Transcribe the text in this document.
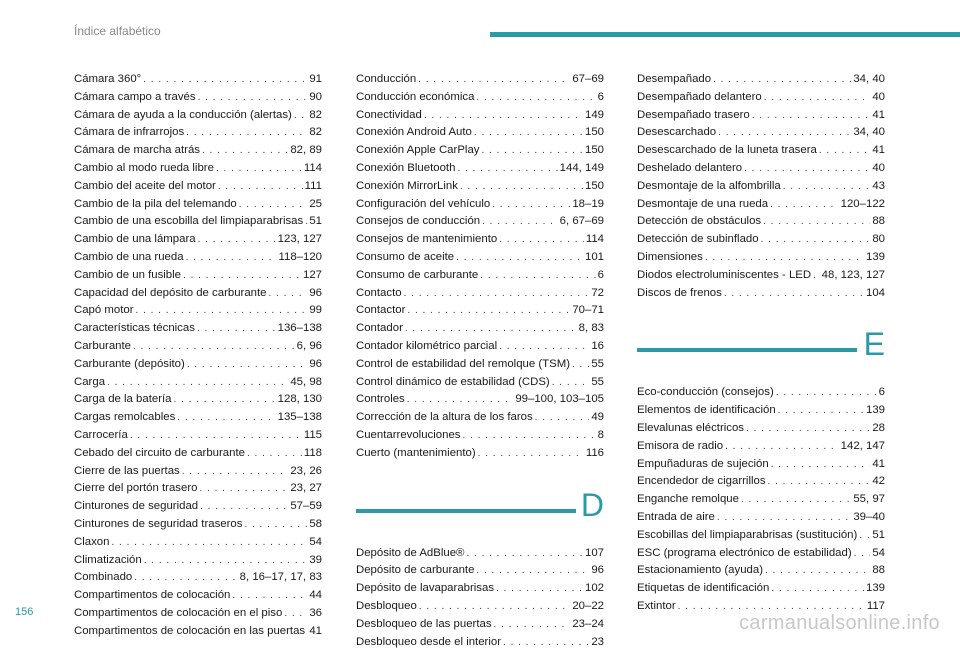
Índice alfabético
Cámara 360° . . .	91
Cámara campo a través . . .	90
Cámara de ayuda a la conducción (alertas) . . . 82
Cámara de infrarrojos . . .	82
Cámara de marcha atrás . . .	82, 89
Cambio al modo rueda libre . . .	114
Cambio del aceite del motor . . .	111
Cambio de la pila del telemando . . .	25
Cambio de una escobilla del limpiaparabrisas . . . 51
Cambio de una lámpara . . .	123, 127
Cambio de una rueda . . .	118–120
Cambio de un fusible . . .	127
Capacidad del depósito de carburante . . .	96
Capó motor . . .	99
Características técnicas . . .	136–138
Carburante . . .	6, 96
Carburante (depósito) . . .	96
Carga . . .	45, 98
Carga de la batería . . .	128, 130
Cargas remolcables . . .	135–138
Carrocería . . .	115
Cebado del circuito de carburante . . .	118
Cierre de las puertas . . .	23, 26
Cierre del portón trasero . . .	23, 27
Cinturones de seguridad . . .	57–59
Cinturones de seguridad traseros . . .	58
Claxon . . .	54
Climatización . . .	39
Combinado . . .	8, 16–17, 17, 83
Compartimentos de colocación . . .	44
Compartimentos de colocación en el piso . . . 36
Compartimentos de colocación en las puertas . . . 41
Conducción . . .	67–69
Conducción económica . . .	6
Conectividad . . .	149
Conexión Android Auto . . .	150
Conexión Apple CarPlay . . .	150
Conexión Bluetooth . . .	144, 149
Conexión MirrorLink . . .	150
Configuración del vehículo . . .	18–19
Consejos de conducción . . .	6, 67–69
Consejos de mantenimiento . . .	114
Consumo de aceite . . .	101
Consumo de carburante . . .	6
Contacto . . .	72
Contactor . . .	70–71
Contador . . .	8, 83
Contador kilométrico parcial . . .	16
Control de estabilidad del remolque (TSM) . . . 55
Control dinámico de estabilidad (CDS) . . .	55
Controles . . .	99–100, 103–105
Corrección de la altura de los faros . . .	49
Cuentarrevoluciones . . .	8
Cuerto (mantenimiento) . . .	116
D
Depósito de AdBlue® . . .	107
Depósito de carburante . . .	96
Depósito de lavaparabrisas . . .	102
Desbloqueo . . .	20–22
Desbloqueo de las puertas . . .	23–24
Desbloqueo desde el interior . . .	23
Desempañado . . .	34, 40
Desempañado delantero . . .	40
Desempañado trasero . . .	41
Desescarchado . . .	34, 40
Desescarchado de la luneta trasera . . .	41
Deshelado delantero . . .	40
Desmontaje de la alfombrilla . . .	43
Desmontaje de una rueda . . .	120–122
Detección de obstáculos . . .	88
Detección de subinflado . . .	80
Dimensiones . . .	139
Diodos electroluminiscentes - LED . . . 48, 123, 127
Discos de frenos . . .	104
E
Eco-conducción (consejos) . . .	6
Elementos de identificación . . .	139
Elevalunas eléctricos . . .	28
Emisora de radio . . .	142, 147
Empuñaduras de sujeción . . .	41
Encendedor de cigarrillos . . .	42
Enganche remolque . . .	55, 97
Entrada de aire . . .	39–40
Escobillas del limpiaparabrisas (sustitución) . . . 51
ESC (programa electrónico de estabilidad) . . . 54
Estacionamiento (ayuda) . . .	88
Etiquetas de identificación . . .	139
Extintor . . .	117
156	carmanualsonline.info
